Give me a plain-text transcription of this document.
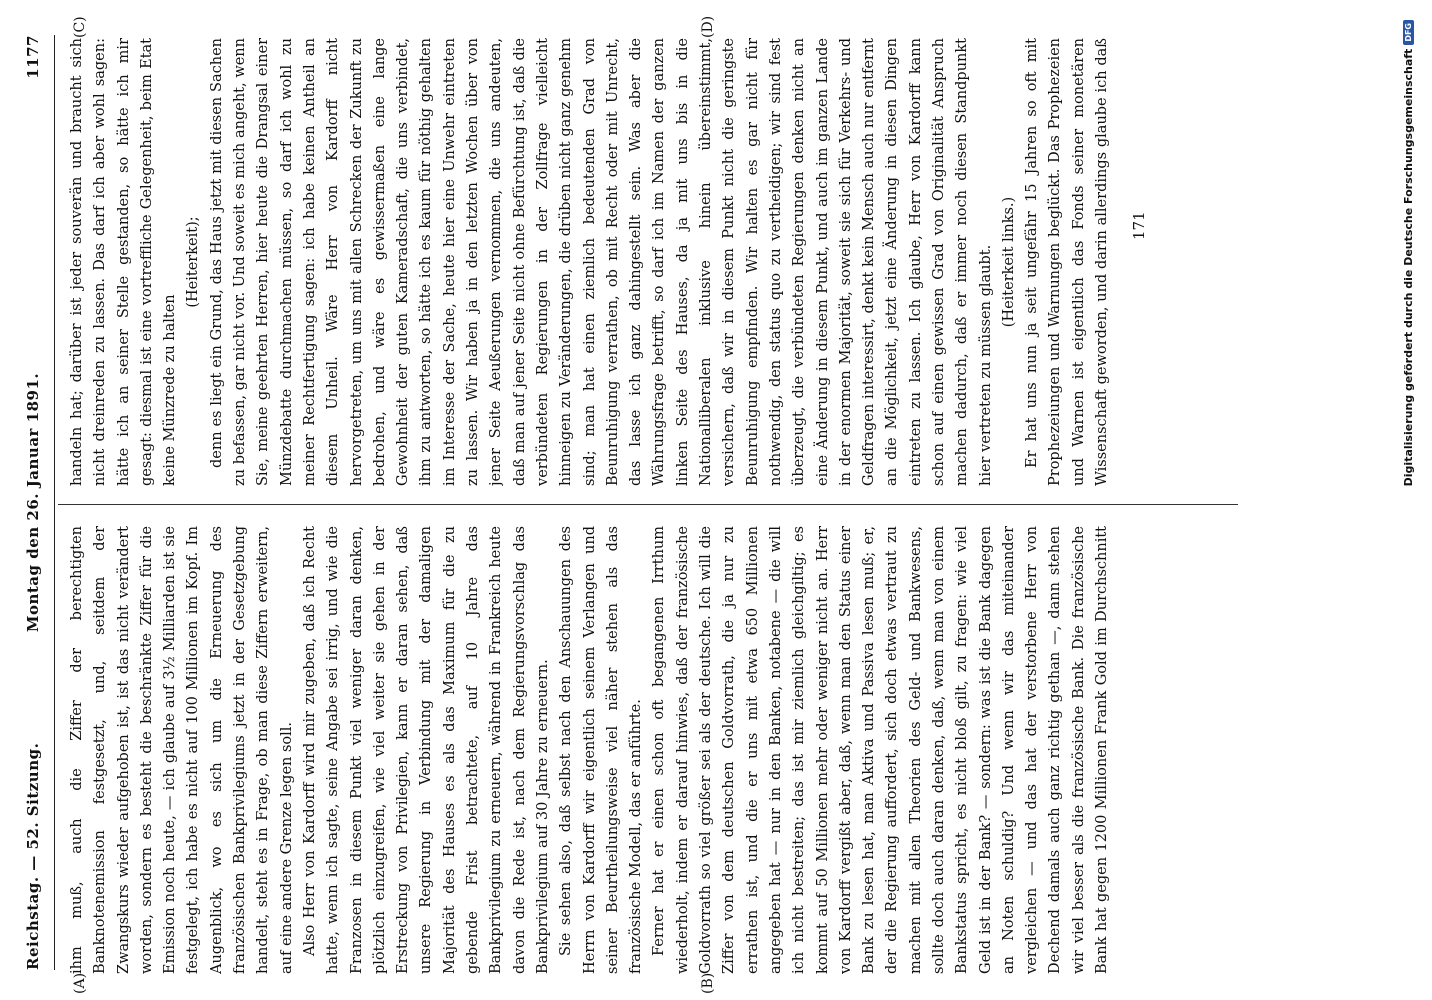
Reichstag. — 52. Sitzung.
Montag den 26. Januar 1891.
1177
(A)	(B)
(C)	(D)

ihm muß, auch die Ziffer der berechtigten Banknotenemission festgesetzt, und, seitdem der Zwangskurs wieder aufgehoben ist, ist das nicht verändert worden, sondern es besteht die beschränkte Ziffer für die Emission noch heute, — ich glaube auf 3½ Milliarden ist sie festgelegt, ich habe es nicht auf 100 Millionen im Kopf. Im Augenblick, wo es sich um die Erneuerung des französischen Bankprivilegiums jetzt in der Gesetzgebung handelt, steht es in Frage, ob man diese Ziffern erweitern, auf eine andere Grenze legen soll. Also Herr von Kardorff wird mir zugeben, daß ich Recht hatte, wenn ich sagte, seine Angabe sei irrig, und wie die Franzosen in diesem Punkt viel weniger daran denken, plötzlich einzugreifen, wie viel weiter sie gehen in der Erstreckung von Privilegien, kann er daran sehen, daß unsere Regierung in Verbindung mit der damaligen Majorität des Hauses es als das Maximum für die zu gebende Frist betrachtete, auf 10 Jahre das Bankprivilegium zu erneuern, während in Frankreich heute davon die Rede ist, nach dem Regierungsvorschlag das Bankprivilegium auf 30 Jahre zu erneuern. Sie sehen also, daß selbst nach den Anschauungen des Herrn von Kardorff wir eigentlich seinem Verlangen und seiner Beurtheilungsweise viel näher stehen als das französische Modell, das er anführte. Ferner hat er einen schon oft begangenen Irrthum wiederholt, indem er darauf hinwies, daß der französische Goldvorrath so viel größer sei als der deutsche. Ich will die Ziffer von dem deutschen Goldvorrath, die ja nur zu errathen ist, und die er uns mit etwa 650 Millionen angegeben hat — nur in den Banken, notabene — die will ich nicht bestreiten; das ist mir ziemlich gleichgiltig; es kommt auf 50 Millionen mehr oder weniger nicht an. Herr von Kardorff vergißt aber, daß, wenn man den Status einer Bank zu lesen hat, man Aktiva und Passiva lesen muß; er, der die Regierung auffordert, sich doch etwas vertraut zu machen mit allen Theorien des Geld- und Bankwesens, sollte doch auch daran denken, daß, wenn man von einem Bankstatus spricht, es nicht bloß gilt, zu fragen: wie viel Geld ist in der Bank? — sondern: was ist die Bank dagegen an Noten schuldig? Und wenn wir das miteinander vergleichen — und das hat der verstorbene Herr von Dechend damals auch ganz richtig gethan —, dann stehen wir viel besser als die französische Bank. Die französische Bank hat gegen 1200 Millionen Frank Gold im Durchschnitt

handeln hat; darüber ist jeder souverän und braucht sich nicht dreinreden zu lassen. Das darf ich aber wohl sagen: hätte ich an seiner Stelle gestanden, so hätte ich mir gesagt: diesmal ist eine vortreffliche Gelegenheit, beim Etat keine Münzrede zu halten

(Heiterkeit); denn es liegt ein Grund, das Haus jetzt mit diesen Sachen zu befassen, gar nicht vor. Und soweit es mich angeht, wenn Sie, meine geehrten Herren, hier heute die Drangsal einer Münzdebatte durchmachen müssen, so darf ich wohl zu meiner Rechtfertigung sagen: ich habe keinen Antheil an diesem Unheil. Wäre Herr von Kardorff nicht hervorgetreten, um uns mit allen Schrecken der Zukunft zu bedrohen, und wäre es gewissermaßen eine lange Gewohnheit der guten Kameradschaft, die uns verbindet, ihm zu antworten, so hätte ich es kaum für nöthig gehalten im Interesse der Sache, heute hier eine Unwehr eintreten zu lassen. Wir haben ja in den letzten Wochen über von jener Seite Aeußerungen vernommen, die uns andeuten, daß man auf jener Seite nicht ohne Befürchtung ist, daß die verbündeten Regierungen in der Zollfrage vielleicht hinneigen zu Veränderungen, die drüben nicht ganz genehm sind; man hat einen ziemlich bedeutenden Grad von Beunruhigung verrathen, ob mit Recht oder mit Unrecht, das lasse ich ganz dahingestellt sein. Was aber die Währungsfrage betrifft, so darf ich im Namen der ganzen linken Seite des Hauses, da ja mit uns bis in die Nationalliberalen inklusive hinein übereinstimmt, versichern, daß wir in diesem Punkt nicht die geringste Beunruhigung empfinden. Wir halten es gar nicht für nothwendig, den status quo zu vertheidigen; wir sind fest überzeugt, die verbündeten Regierungen denken nicht an eine Änderung in diesem Punkt, und auch im ganzen Lande in der enormen Majorität, soweit sie sich für Verkehrs- und Geldfragen interessirt, denkt kein Mensch auch nur entfernt an die Möglichkeit, jetzt eine Änderung in diesen Dingen eintreten zu lassen. Ich glaube, Herr von Kardorff kann schon auf einen gewissen Grad von Originalität Anspruch machen dadurch, daß er immer noch diesen Standpunkt hier vertreten zu müssen glaubt. (Heiterkeit links.)

Er hat uns nun ja seit ungefähr 15 Jahren so oft mit Prophezeiungen und Warnungen beglückt. Das Prophezeien und Warnen ist eigentlich das Fonds seiner monetären Wissenschaft geworden, und darin allerdings glaube ich daß

171	Digitalisierung gefördert durch die Deutsche Forschungsgemeinschaft
DFG
